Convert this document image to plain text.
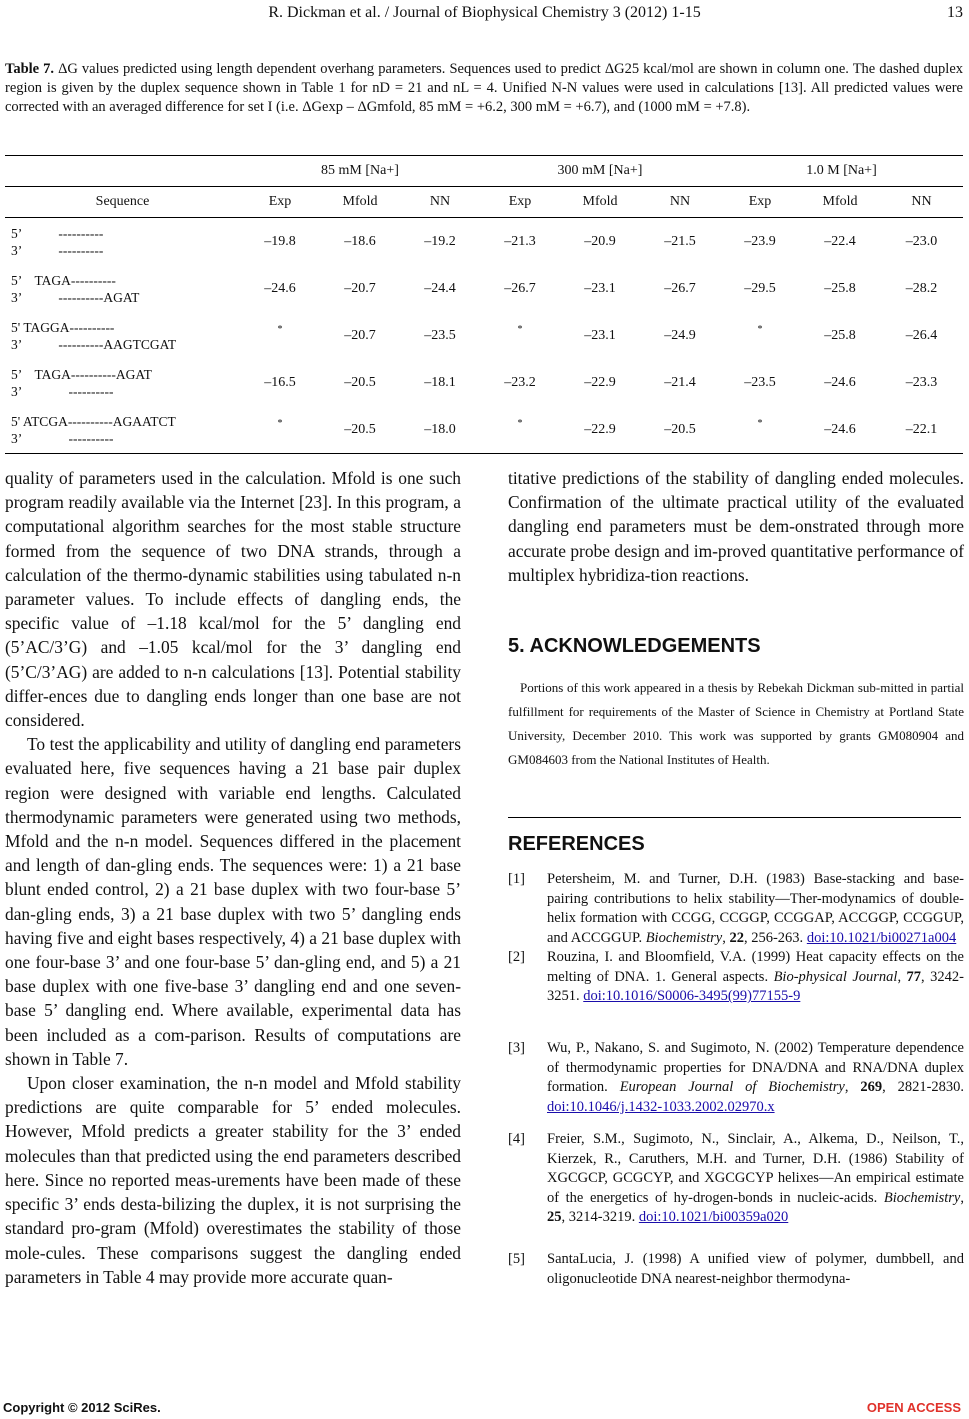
R. Dickman et al. / Journal of Biophysical Chemistry 3 (2012) 1-15	13
Table 7. ΔG values predicted using length dependent overhang parameters. Sequences used to predict ΔG25 kcal/mol are shown in column one. The dashed duplex region is given by the duplex sequence shown in Table 1 for nD = 21 and nL = 4. Unified N-N values were used in calculations [13]. All predicted values were corrected with an averaged difference for set I (i.e. ΔGexp – ΔGmfold, 85 mM = +6.2, 300 mM = +6.7), and (1000 mM = +7.8).
	85 mM [Na+]			300 mM [Na+]			1.0 M [Na+]		
Sequence	Exp	Mfold	NN	Exp	Mfold	NN	Exp	Mfold	NN

5’           ----------
3’           ----------	–19.8	–18.6	–19.2	–21.3	–20.9	–21.5	–23.9	–22.4	–23.0

5’    TAGA----------
3’           ----------AGAT	–24.6	–20.7	–24.4	–26.7	–23.1	–26.7	–29.5	–25.8	–28.2

5' TAGGA----------
3’           ----------AAGTCGAT	*	–20.7	–23.5	*	–23.1	–24.9	*	–25.8	–26.4

5’    TAGA----------AGAT
3’              ----------	–16.5	–20.5	–18.1	–23.2	–22.9	–21.4	–23.5	–24.6	–23.3

5' ATCGA----------AGAATCT
3’              ----------	*	–20.5	–18.0	*	–22.9	–20.5	*	–24.6	–22.1

quality of parameters used in the calculation. Mfold is one such program readily available via the Internet [23]. In this program, a computational algorithm searches for the most stable structure formed from the sequence of two DNA strands, through a calculation of the thermo-dynamic stabilities using tabulated n-n parameter values. To include effects of dangling ends, the specific value of –1.18 kcal/mol for the 5’ dangling end (5’AC/3’G) and –1.05 kcal/mol for the 3’ dangling end (5’C/3’AG) are added to n-n calculations [13]. Potential stability differ-ences due to dangling ends longer than one base are not considered.

To test the applicability and utility of dangling end parameters evaluated here, five sequences having a 21 base pair duplex region were designed with variable end lengths. Calculated thermodynamic parameters were generated using two methods, Mfold and the n-n model. Sequences differed in the placement and length of dan-gling ends. The sequences were: 1) a 21 base blunt ended control, 2) a 21 base duplex with two four-base 5’ dan-gling ends, 3) a 21 base duplex with two 5’ dangling ends having five and eight bases respectively, 4) a 21 base duplex with one four-base 3’ and one four-base 5’ dan-gling end, and 5) a 21 base duplex with one five-base 3’ dangling end and one seven-base 5’ dangling end. Where available, experimental data has been included as a com-parison. Results of computations are shown in Table 7.

Upon closer examination, the n-n model and Mfold stability predictions are quite comparable for 5’ ended molecules. However, Mfold predicts a greater stability for the 3’ ended molecules than that predicted using the end parameters described here. Since no reported meas-urements have been made of these specific 3’ ends desta-bilizing the duplex, it is not surprising the standard pro-gram (Mfold) overestimates the stability of those mole-cules. These comparisons suggest the dangling ended parameters in Table 4 may provide more accurate quan-

titative predictions of the stability of dangling ended molecules. Confirmation of the ultimate practical utility of the evaluated dangling end parameters must be dem-onstrated through more accurate probe design and im-proved quantitative performance of multiplex hybridiza-tion reactions.

5. ACKNOWLEDGEMENTS
Portions of this work appeared in a thesis by Rebekah Dickman sub-mitted in partial fulfillment for requirements of the Master of Science in Chemistry at Portland State University, December 2010. This work was supported by grants GM080904 and GM084603 from the National Institutes of Health.
REFERENCES
[1] Petersheim, M. and Turner, D.H. (1983) Base-stacking and base-pairing contributions to helix stability—Ther-modynamics of double-helix formation with CCGG, CCGGP, CCGGAP, ACCGGP, CCGGUP, and ACCGGUP. Biochemistry, 22, 256-263. doi:10.1021/bi00271a004
[2] Rouzina, I. and Bloomfield, V.A. (1999) Heat capacity effects on the melting of DNA. 1. General aspects. Bio-physical Journal, 77, 3242-3251. doi:10.1016/S0006-3495(99)77155-9
[3] Wu, P., Nakano, S. and Sugimoto, N. (2002) Temperature dependence of thermodynamic properties for DNA/DNA and RNA/DNA duplex formation. European Journal of Biochemistry, 269, 2821-2830. doi:10.1046/j.1432-1033.2002.02970.x
[4] Freier, S.M., Sugimoto, N., Sinclair, A., Alkema, D., Neilson, T., Kierzek, R., Caruthers, M.H. and Turner, D.H. (1986) Stability of XGCGCP, GCGCYP, and XGCGCYP helixes—An empirical estimate of the energetics of hy-drogen-bonds in nucleic-acids. Biochemistry, 25, 3214-3219. doi:10.1021/bi00359a020
[5] SantaLucia, J. (1998) A unified view of polymer, dumbbell, and oligonucleotide DNA nearest-neighbor thermodyna-
Copyright © 2012 SciRes.	OPEN ACCESS
